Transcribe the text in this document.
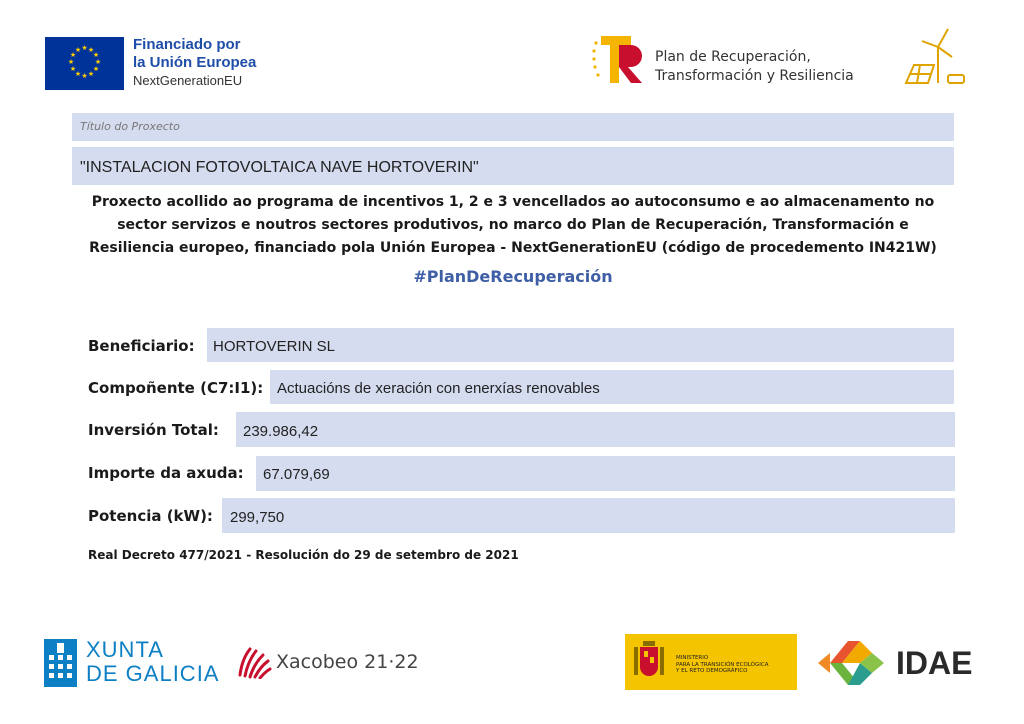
★ ★
★
★
★
★
★
★
★
★
★
★	Financiado por
la Unión Europea
NextGenerationEU
Plan de Recuperación,
Transformación y Resiliencia
Título do Proxecto
"INSTALACION FOTOVOLTAICA NAVE HORTOVERIN"
Proxecto acollido ao programa de incentivos 1, 2 e 3 vencellados ao autoconsumo e ao almacenamento no
sector servizos e noutros sectores produtivos, no marco do Plan de Recuperación, Transformación e
Resiliencia europeo, financiado pola Unión Europea - NextGenerationEU (código de procedemento IN421W)
#PlanDeRecuperación
Beneficiario: HORTOVERIN SL
Compoñente (C7:I1): Actuacións de xeración con enerxías renovables
Inversión Total: 239.986,42
Importe da axuda: 67.079,69
Potencia (kW): 299,750
Real Decreto 477/2021 - Resolución do 29 de setembro de 2021
XUNTA
DE GALICIA	Xacobeo 21·22	MINISTERIO
PARA LA TRANSICIÓN ECOLÓGICA
Y EL RETO DEMOGRÁFICO	IDAE
